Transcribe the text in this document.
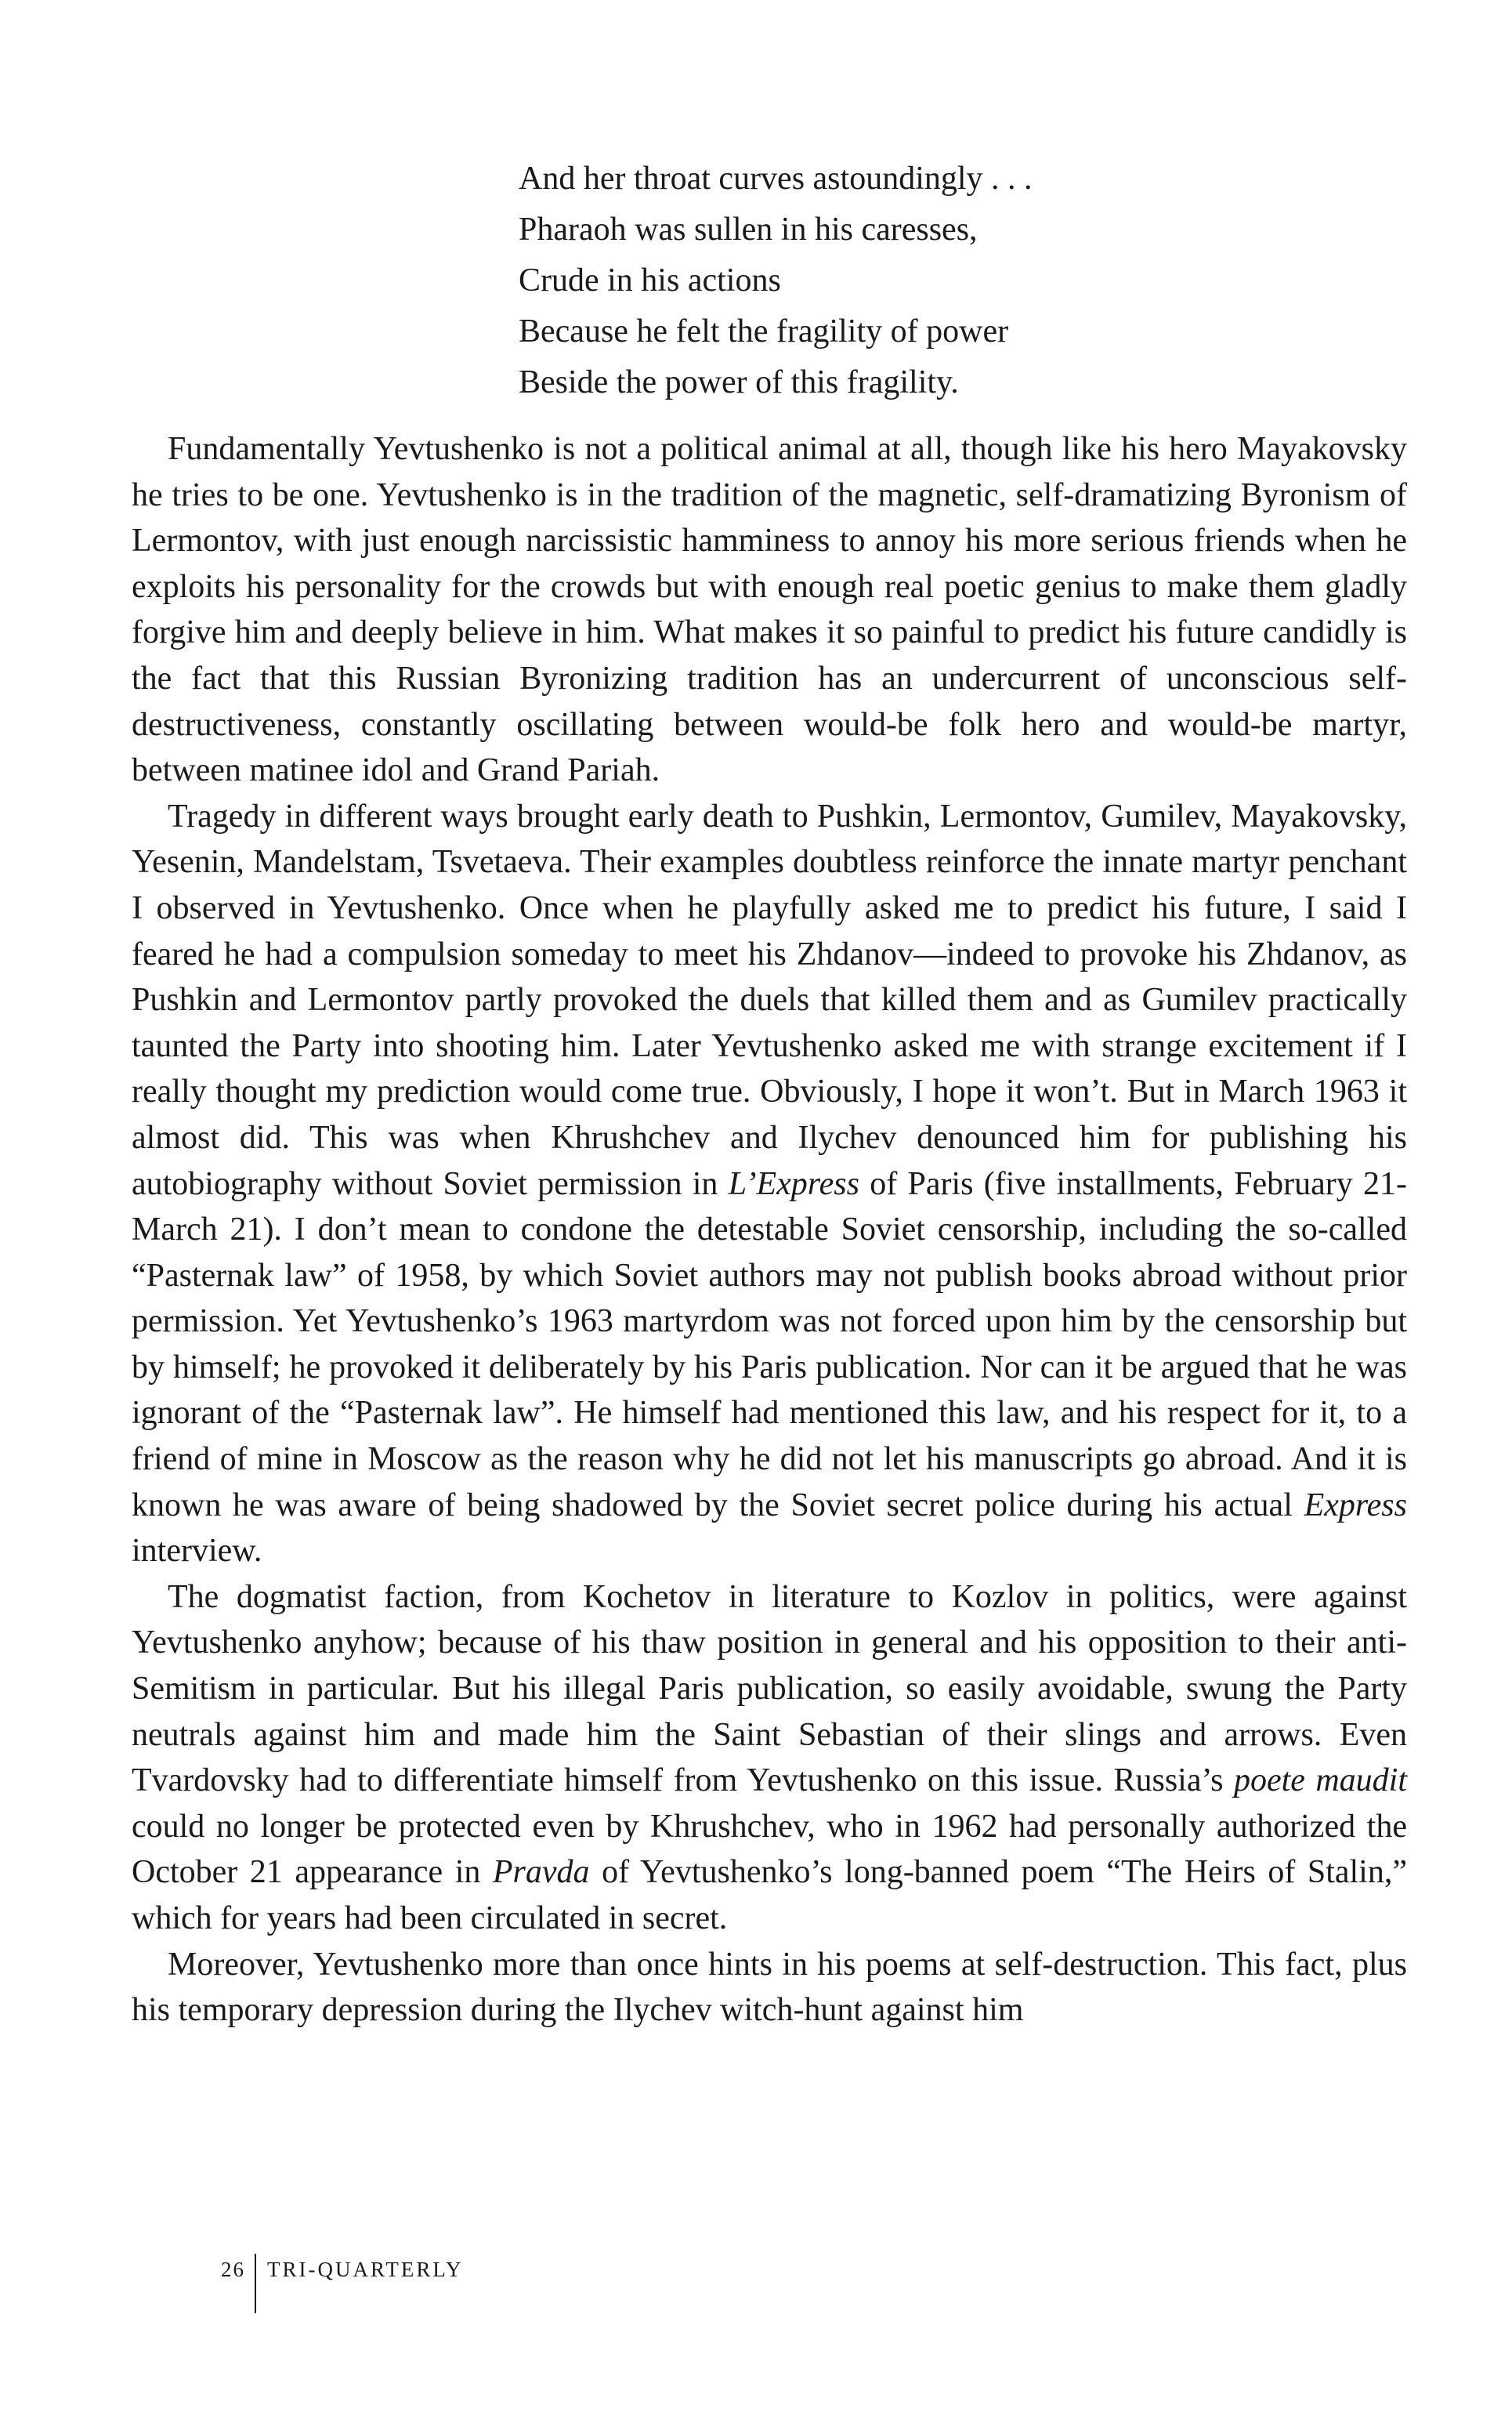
And her throat curves astoundingly . . .
Pharaoh was sullen in his caresses,
Crude in his actions
Because he felt the fragility of power
Beside the power of this fragility.

Fundamentally Yevtushenko is not a political animal at all, though like his hero Mayakovsky he tries to be one. Yevtushenko is in the tradition of the magnetic, self-dramatizing Byronism of Lermontov, with just enough narcissistic hamminess to annoy his more serious friends when he exploits his personality for the crowds but with enough real poetic genius to make them gladly forgive him and deeply believe in him. What makes it so painful to predict his future candidly is the fact that this Russian Byronizing tradition has an undercurrent of unconscious self-destructiveness, constantly oscillating between would-be folk hero and would-be martyr, between matinee idol and Grand Pariah.

Tragedy in different ways brought early death to Pushkin, Lermontov, Gumilev, Mayakovsky, Yesenin, Mandelstam, Tsvetaeva. Their examples doubtless reinforce the innate martyr penchant I observed in Yevtushenko. Once when he playfully asked me to predict his future, I said I feared he had a compulsion someday to meet his Zhdanov—indeed to provoke his Zhdanov, as Pushkin and Lermontov partly provoked the duels that killed them and as Gumilev practically taunted the Party into shooting him. Later Yevtushenko asked me with strange excitement if I really thought my prediction would come true. Obviously, I hope it won’t. But in March 1963 it almost did. This was when Khrushchev and Ilychev denounced him for publishing his autobiography without Soviet permission in L’Express of Paris (five installments, February 21-March 21). I don’t mean to condone the detestable Soviet censorship, including the so-called “Pasternak law” of 1958, by which Soviet authors may not publish books abroad without prior permission. Yet Yevtushenko’s 1963 martyrdom was not forced upon him by the censorship but by himself; he provoked it deliberately by his Paris publication. Nor can it be argued that he was ignorant of the “Pasternak law”. He himself had mentioned this law, and his respect for it, to a friend of mine in Moscow as the reason why he did not let his manuscripts go abroad. And it is known he was aware of being shadowed by the Soviet secret police during his actual Express interview.

The dogmatist faction, from Kochetov in literature to Kozlov in politics, were against Yevtushenko anyhow; because of his thaw position in general and his opposition to their anti-Semitism in particular. But his illegal Paris publication, so easily avoidable, swung the Party neutrals against him and made him the Saint Sebastian of their slings and arrows. Even Tvardovsky had to differentiate himself from Yevtushenko on this issue. Russia’s poete maudit could no longer be protected even by Khrushchev, who in 1962 had personally authorized the October 21 appearance in Pravda of Yevtushenko’s long-banned poem “The Heirs of Stalin,” which for years had been circulated in secret.

Moreover, Yevtushenko more than once hints in his poems at self-destruction. This fact, plus his temporary depression during the Ilychev witch-hunt against him

26 TRI-QUARTERLY
